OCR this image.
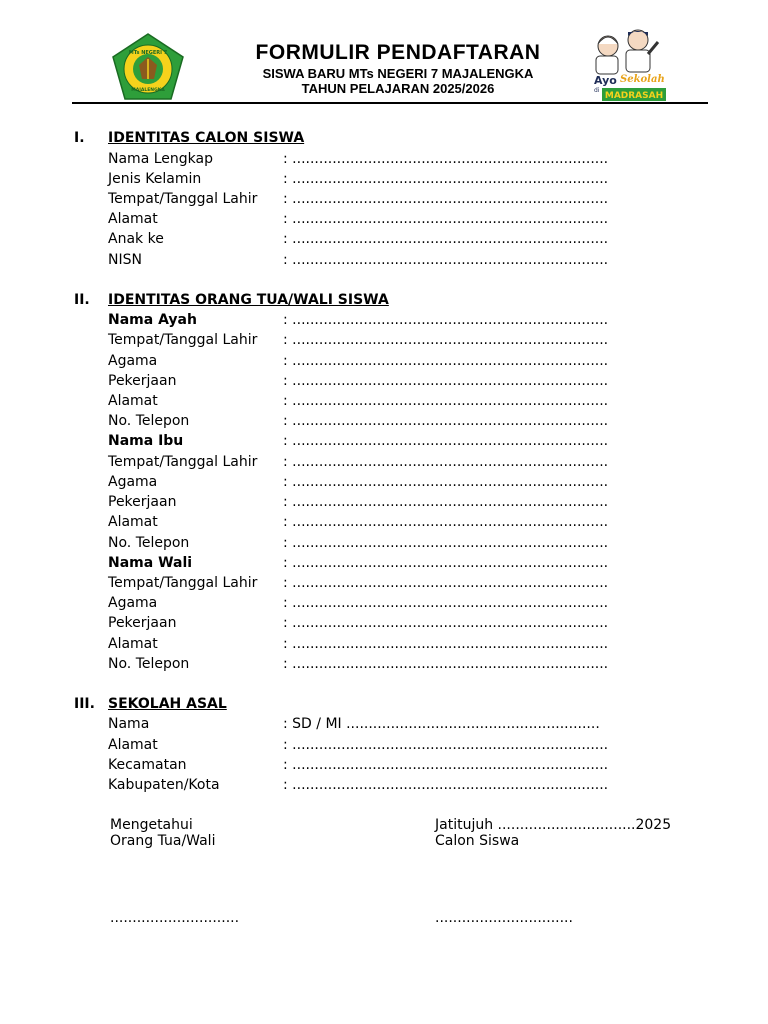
MTs NEGERI 7
MAJALENGKA
Ayo Sekolah
di
MADRASAH
FORMULIR PENDAFTARAN
SISWA BARU MTs NEGERI 7 MAJALENGKA
TAHUN PELAJARAN 2025/2026
I. IDENTITAS CALON SISWA
Nama Lengkap	: .......................................................................
Jenis Kelamin	: .......................................................................
Tempat/Tanggal Lahir : .......................................................................
Alamat	: .......................................................................
Anak ke	: .......................................................................
NISN	: .......................................................................
II. IDENTITAS ORANG TUA/WALI SISWA
Nama Ayah	: .......................................................................
Tempat/Tanggal Lahir : .......................................................................
Agama	: .......................................................................
Pekerjaan	: .......................................................................
Alamat	: .......................................................................
No. Telepon	: .......................................................................
Nama Ibu	: .......................................................................
Tempat/Tanggal Lahir : .......................................................................
Agama	: .......................................................................
Pekerjaan	: .......................................................................
Alamat	: .......................................................................
No. Telepon	: .......................................................................
Nama Wali	: .......................................................................
Tempat/Tanggal Lahir : .......................................................................
Agama	: .......................................................................
Pekerjaan	: .......................................................................
Alamat	: .......................................................................
No. Telepon	: .......................................................................
III. SEKOLAH ASAL
Nama	: SD / MI .........................................................
Alamat	: .......................................................................
Kecamatan	: .......................................................................
Kabupaten/Kota	: .......................................................................
Mengetahui
Orang Tua/Wali
Jatitujuh ...............................2025
Calon Siswa
.............................	...............................
